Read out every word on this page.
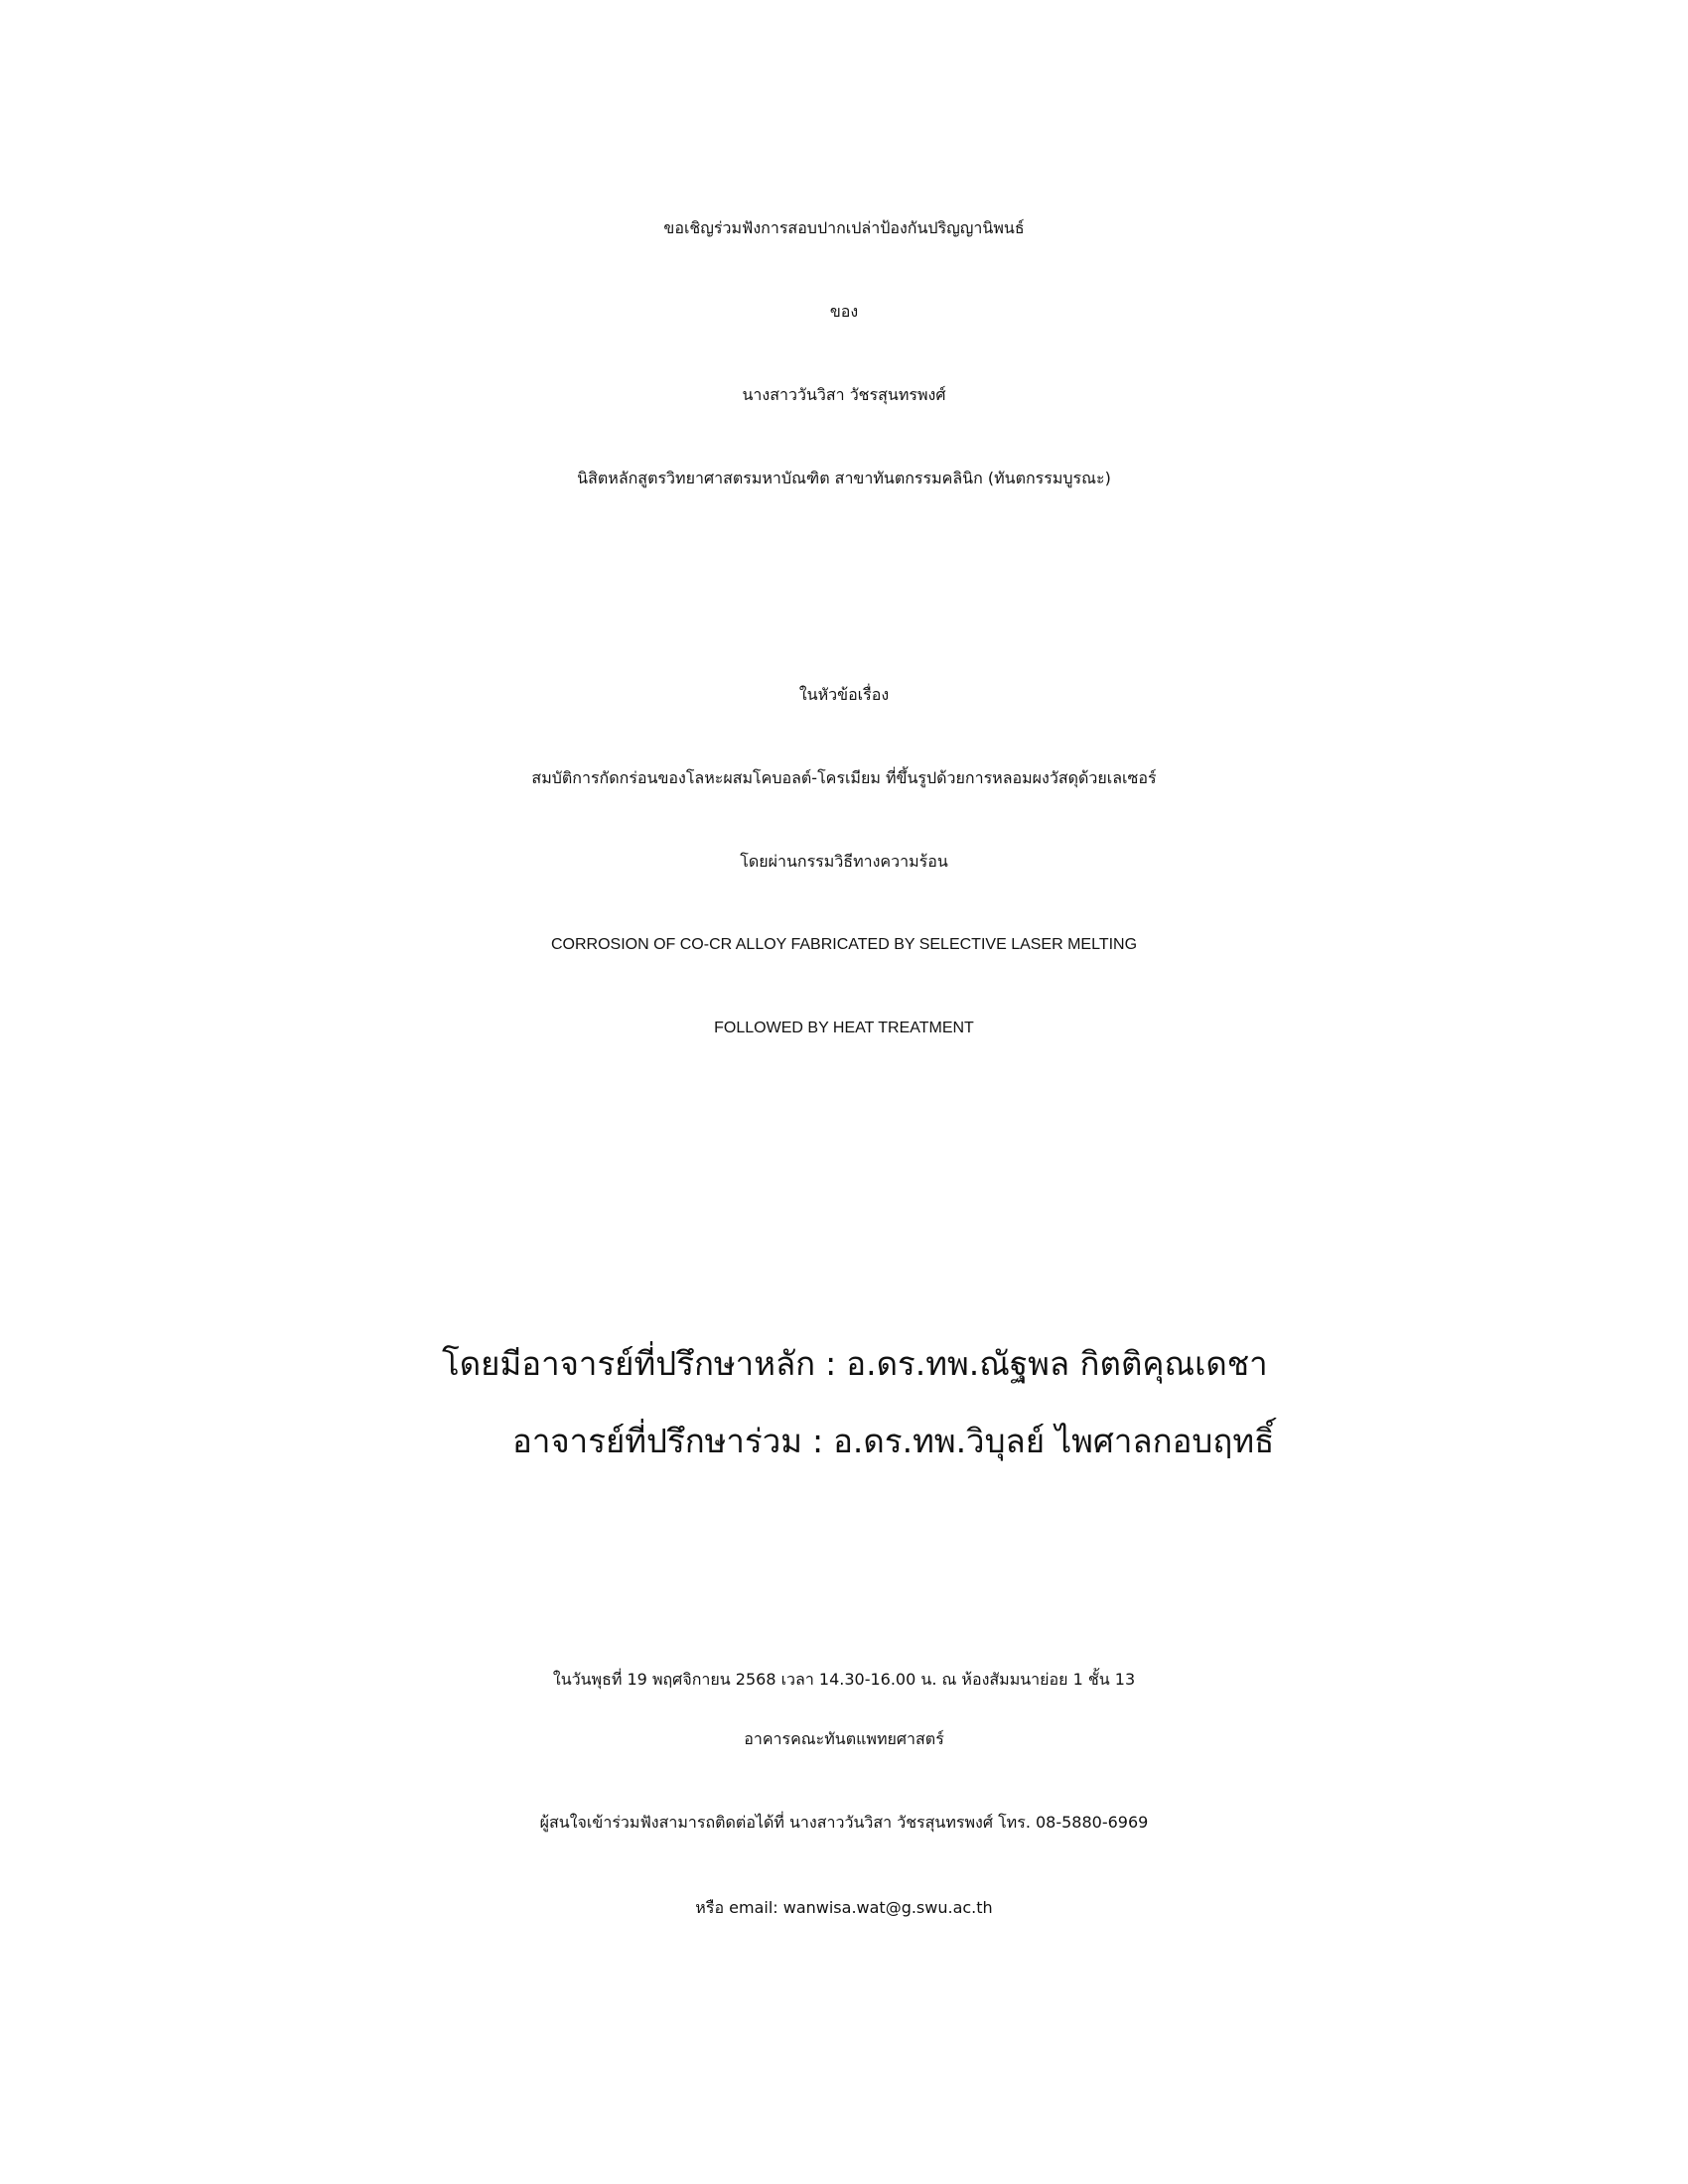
ขอเชิญร่วมฟังการสอบปากเปล่าป้องกันปริญญานิพนธ์
ของ
นางสาววันวิสา วัชรสุนทรพงศ์
นิสิตหลักสูตรวิทยาศาสตรมหาบัณฑิต สาขาทันตกรรมคลินิก (ทันตกรรมบูรณะ)
ในหัวข้อเรื่อง
สมบัติการกัดกร่อนของโลหะผสมโคบอลต์-โครเมียม ที่ขึ้นรูปด้วยการหลอมผงวัสดุด้วยเลเซอร์
โดยผ่านกรรมวิธีทางความร้อน
CORROSION OF CO-CR ALLOY FABRICATED BY SELECTIVE LASER MELTING
FOLLOWED BY HEAT TREATMENT
โดยมีอาจารย์ที่ปรึกษาหลัก : อ.ดร.ทพ.ณัฐพล กิตติคุณเดชา
อาจารย์ที่ปรึกษาร่วม : อ.ดร.ทพ.วิบุลย์ ไพศาลกอบฤทธิ์
ในวันพุธที่ 19 พฤศจิกายน 2568 เวลา 14.30-16.00 น. ณ ห้องสัมมนาย่อย 1 ชั้น 13
อาคารคณะทันตแพทยศาสตร์
ผู้สนใจเข้าร่วมฟังสามารถติดต่อได้ที่ นางสาววันวิสา วัชรสุนทรพงศ์ โทร. 08-5880-6969
หรือ email: wanwisa.wat@g.swu.ac.th
